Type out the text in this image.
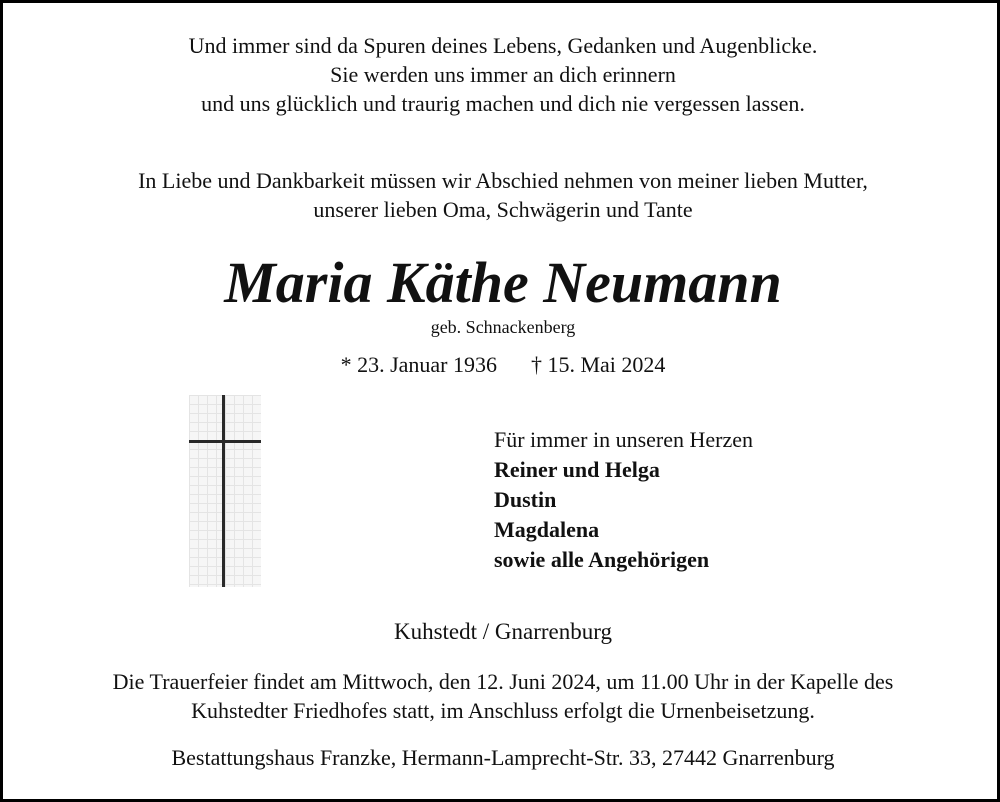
Und immer sind da Spuren deines Lebens, Gedanken und Augenblicke.
Sie werden uns immer an dich erinnern
und uns glücklich und traurig machen und dich nie vergessen lassen.
In Liebe und Dankbarkeit müssen wir Abschied nehmen von meiner lieben Mutter,
unserer lieben Oma, Schwägerin und Tante
Maria Käthe Neumann
geb. Schnackenberg
* 23. Januar 1936 † 15. Mai 2024
Für immer in unseren Herzen
Reiner und Helga
Dustin
Magdalena
sowie alle Angehörigen
Kuhstedt / Gnarrenburg
Die Trauerfeier findet am Mittwoch, den 12. Juni 2024, um 11.00 Uhr in der Kapelle des
Kuhstedter Friedhofes statt, im Anschluss erfolgt die Urnenbeisetzung.
Bestattungshaus Franzke, Hermann-Lamprecht-Str. 33, 27442 Gnarrenburg
